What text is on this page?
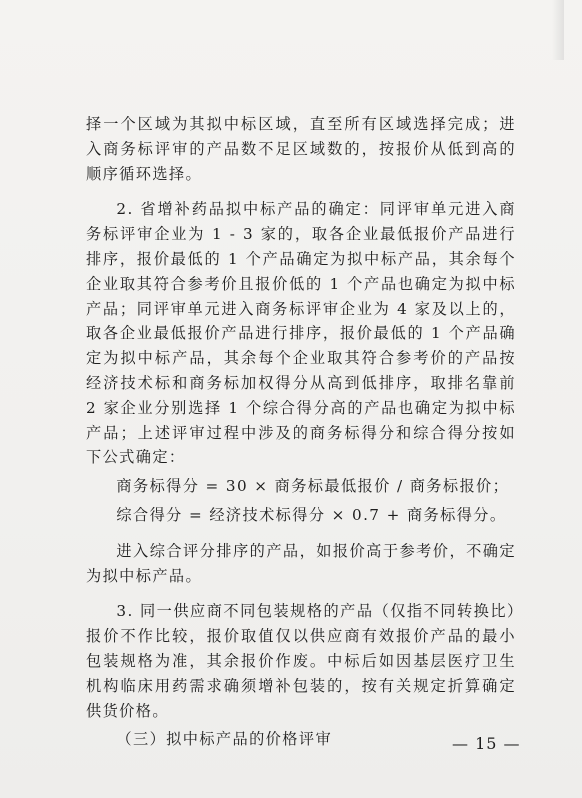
择一个区域为其拟中标区域，直至所有区域选择完成；进入商务标评审的产品数不足区域数的，按报价从低到高的顺序循环选择。

2. 省增补药品拟中标产品的确定：同评审单元进入商务标评审企业为 1 - 3 家的，取各企业最低报价产品进行排序，报价最低的 1 个产品确定为拟中标产品，其余每个企业取其符合参考价且报价低的 1 个产品也确定为拟中标产品；同评审单元进入商务标评审企业为 4 家及以上的，取各企业最低报价产品进行排序，报价最低的 1 个产品确定为拟中标产品，其余每个企业取其符合参考价的产品按经济技术标和商务标加权得分从高到低排序，取排名靠前 2 家企业分别选择 1 个综合得分高的产品也确定为拟中标产品；上述评审过程中涉及的商务标得分和综合得分按如下公式确定：

商务标得分 = 30 × 商务标最低报价 / 商务标报价；

综合得分 = 经济技术标得分 × 0.7 + 商务标得分。

进入综合评分排序的产品，如报价高于参考价，不确定为拟中标产品。

3. 同一供应商不同包装规格的产品（仅指不同转换比）报价不作比较，报价取值仅以供应商有效报价产品的最小包装规格为准，其余报价作废。中标后如因基层医疗卫生机构临床用药需求确须增补包装的，按有关规定折算确定供货价格。

（三）拟中标产品的价格评审	— 15 —
